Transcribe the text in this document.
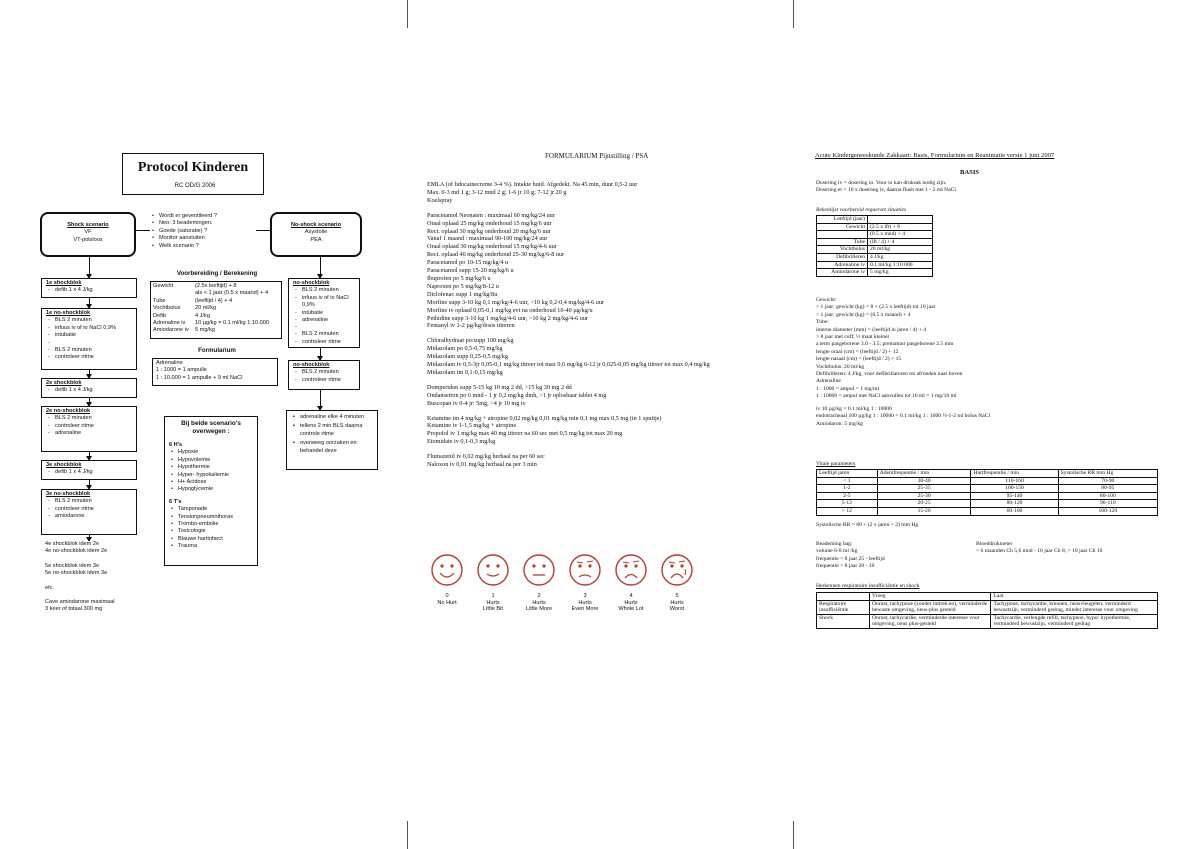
Protocol Kinderen
RC OD/G 2006
Shock scenario
VF
VT-polsloos
• Wordt er geventileerd ?
• Neo: 3 beademingen.
• Goede (saturatie) ?
• Monitor aansluiten
• Welk scenario ?
No-shock scenario
Asystolie
PEA
Voorbereiding / Berekening
Gewicht	(2.5x leeftijd) + 8
als < 1 jaar (0.5 x maand) + 4
Tube	(leeftijd / 4) + 4
Vochtbolus	20 ml/kg
Defib	4 J/kg
Adrenaline iv	10 µg/kg = 0.1 ml/kg 1:10.000
Amiodarone iv	5 mg/kg
Formularium
Adrenaline
1 : 1000 = 1 ampulle
1 : 10.000 = 1 ampulle + 9 ml NaCl
Bij beide scenario's overwegen :
6 H's
• Hypoxie
• Hypovolemie
• Hypothermie
• Hyper- hypokaliemie
• H+ Acidose
• Hypoglycemie
6 T's
• Tamponade
• Tensionpneumothorax
• Trombo-embolie
• Toxicologie
• Blauwe hartinfarct
• Trauma
1e shockblok
- defib 1 x 4 J/kg
1e no-shockblok
- BLS 2 minuten
- infuus iv of io NaCl 0,9%
- intubatie
-
- BLS 2 minuten
- controleer ritme
2e shockblok
- defib 1 x 4 J/kg
2e no-shockblok
- BLS 2 minuten
- controleer ritme
- adrenaline
3e shockblok
- defib 1 x 4 J/kg
3e no-shockblok
- BLS 2 minuten
- controleer ritme
- amiodarone
4e shockblok idem 2e
4e no-shockblok idem 2e
5e shockblok idem 3e
5e no-shockblok idem 3e
etc.
Cave amiodarone maximaal
3 keer of totaal 300 mg
no-shockblok
- BLS 2 minuten
- infuus iv of io NaCl 0,9%
- intubatie
- adrenaline
-
- BLS 2 minuten
- controleer ritme
no-shockblok
- BLS 2 minuten
- controleer ritme
▪ adrenaline elke 4 minuten
▪ tellens 2 min BLS daarna controle ritme
▪ overweeg oorzaken en behandel deze
FORMULARIUM Pijnstilling / PSA
EMLA (of lidocainecreme 3-4 %). Intakte huid. Afgedekt. Na 45 min, duur 0,5-2 uur
Max. 0-3 md 1 g; 3-12 mnd 2 g; 1-6 jr 10 g; 7-12 jr 20 g
Koelspray
Paracetamol Neonaten : maximaal 60 mg/kg/24 uur
Oraal oplaad 25 mg/kg onderhoud 15 mg/kg/6 uur
Rect. oplaad 30 mg/kg onderhoud 20 mg/kg/6 uur
Vanaf 1 maand : maximaal 90-100 mg/kg/24 uur
Oraal oplaad 30 mg/kg onderhoud 15 mg/kg/4-6 uur
Rect. oplaad 40 mg/kg onderhoud 25-30 mg/kg/6-8 uur
Paracetamol po 10-15 mg/kg/4 u
Paracetamol supp 15-20 mg/kg/6 u
Ibuprofen po 5 mg/kg/6 u
Naproxen po 5 mg/kg/8-12 u
Diclofenac supp 1 mg/kg/8u
Morfine supp 3-10 kg 0,1 mg/kg/4-6 uur, >10 kg 0,2-0,4 mg/kg/4-6 uur
Morfine iv oplaad 0,05-0,1 mg/kg evt na onderhoud 10-40 µg/kg/u
Pethidine supp 3-10 kg 1 mg/kg/4-6 uur, >10 kg 2 mg/kg/4-6 uur
Fentanyl iv 1-2 µg/kg/dosis titreren
Chloralhydraat po/supp 100 mg/kg
Midazolam po 0,5-0,75 mg/kg
Midazolam supp 0,25-0,5 mg/kg
Midazolam iv 0,5-3jr 0,05-0,1 mg/kg titreer tot max 0,6 mg/kg 6-12 jr 0,025-0,05 mg/kg titreer tot max 0,4 mg/kg
Midazolam im 0,1-0,15 mg/kg
Domperidon supp 5-15 kg 10 mg 2 dd, >15 kg 30 mg 2 dd
Ondansetron po 6 mnd - 1 jr 0,2 mg/kg dmh, >1 jr oplosbaar tablet 4 mg
Buscopan iv 0-4 jr: 5mg, >4 jr 10 mg iv
Ketamine im 4 mg/kg + atropine 0,02 mg/kg 0,01 mg/kg min 0,1 mg max 0,5 mg (in 1 spuitje)
Ketamine iv 1-1,5 mg/kg + atropine
Propofol iv 1 mg/kg max 40 mg titreer na 60 sec met 0,5 mg/kg tot max 20 mg
Etomidate iv 0,1-0,3 mg/kg
Flumazenil iv 0,02 mg/kg herhaal na per 60 sec
Naloxon iv 0,01 mg/kg herhaal na per 3 min
0
No Hurt
1
Hurts
Little Bit
2
Hurts
Little More
3
Hurts
Even More
4
Hurts
Whole Lot
5
Hurts
Worst
Acute Kindergeneeskunde Zakkaart: Basis, Formularium en Reanimatie versie 1 juni 2007
BASIS
Dosering iv = dosering io. Voor io kan druksak nodig zijn.
Dosering et = 10 x dosering iv, daarna flush met 1 - 2 ml NaCl
Rekenlijst voorbereid reguerste situaties
Leeftijd (jaar)	
Gewicht	(2.5 x lft) + 8
	(0.5 x mnd) + 4
Tube	(lft / 4) + 4
Vochtbolus	20 ml/kg
Defibrilleren	4 J/kg
Adrenaline iv	0.1 ml/kg 1:10 000
Amiodarone iv	5 mg/kg
Gewicht:
> 1 jaar: gewicht (kg) = 8 + (2.5 x leeftijd) tot 10 jaar
< 1 jaar: gewicht (kg) = (0.5 x maand) + 4
Tube:
interne diameter (mm) = (leeftijd in jaren / 4) + 4
> 8 jaar met cuff, ½ maat kleiner
a term pasgeborene 3.0 - 3.5; prematuur pasgeborene 2.5 mm
lengte oraal (cm) = (leeftijd / 2) + 12
lengte nasaal (cm) = (leeftijd / 2) + 15
Vochtbolus: 20 ml/kg
Defibrilleren: 4 J/kg, voor defibrillatoren tot afronden naar boven
Adrenaline
1 : 1000 = ampul = 1 mg/ml
1 : 10000 = ampul met NaCl aanvullen tot 10 ml = 1 mg/10 ml
iv 10 µg/kg = 0.1 ml/kg 1 : 10000
endotracheaal 100 µg/kg 1 : 10000 = 0.1 ml/kg 1 : 1000 ½-1-2 ml bolus NaCl
Amiodaron: 5 mg/kg
Vitale parameters
Leeftijd jaren	Ademfrequentie / min	Hartfrequentie / min	Systolische RR mm Hg
< 1	30-40	110-160	70-90
1-2	25-35	100-150	80-95
2-5	25-30	95-140	80-100
5-12	20-25	80-120	90-110
> 12	15-20	60-100	100-120
Systolische RR = 80 + (2 x jaren > 2) mm Hg
Beademing bag:
volume 6-8 ml /kg
frequentie < 8 jaar 25 - leeftijd
frequentie > 8 jaar 20 - 10
Bloeddrukmeter
< 6 maanden Ch 5,6 mnd - 10 jaar Ch 8, > 10 jaar Ch 10
Herkennen respiratoire insufficiëntie en shock
	Vroeg	Laat
Respiratoire insufficiëntie	Onrust, tachypnoe (zonder inttrek.en), verminderde bewuste omgeving, neus-plus gesteld	Tachypnoe, tachycardie, kreunen, neusvleugelen, verminderd bewustzijn, verminderd gedrag, minder interesse voor omgeving
Shock	Onrust, tachycardie, verminderde interesse voor omgeving, neus plus-gesteld	Tachycardie, verlengde refill, tachypnoe, hypo/ hypothermie, verminderd bewustzijn, verminderd gedrag
